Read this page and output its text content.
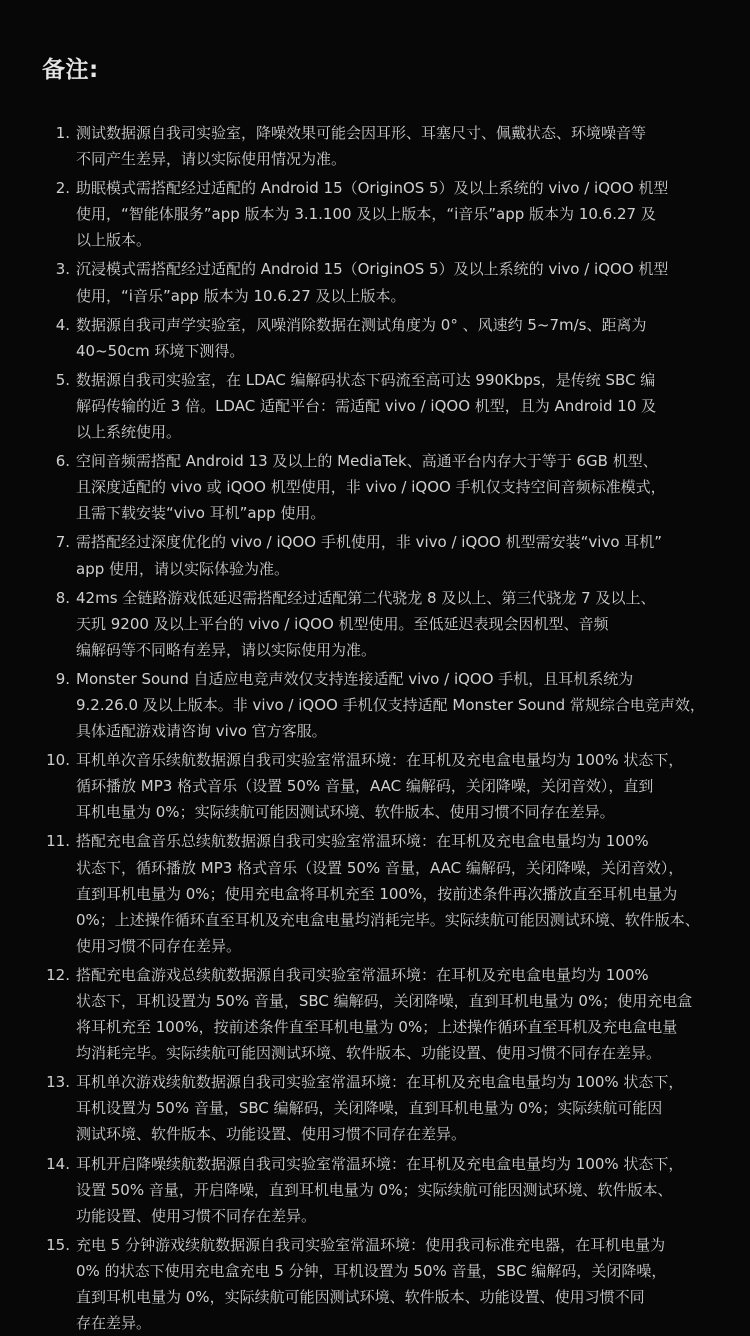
备注:
1. 测试数据源自我司实验室，降噪效果可能会因耳形、耳塞尺寸、佩戴状态、环境噪音等
不同产生差异，请以实际使用情况为准。
2. 助眠模式需搭配经过适配的 Android 15（OriginOS 5）及以上系统的 vivo / iQOO 机型
使用，“智能体服务”app 版本为 3.1.100 及以上版本，“i音乐”app 版本为 10.6.27 及
以上版本。
3. 沉浸模式需搭配经过适配的 Android 15（OriginOS 5）及以上系统的 vivo / iQOO 机型
使用，“i音乐”app 版本为 10.6.27 及以上版本。
4. 数据源自我司声学实验室，风噪消除数据在测试角度为 0° 、风速约 5~7m/s、距离为
40~50cm 环境下测得。
5. 数据源自我司实验室，在 LDAC 编解码状态下码流至高可达 990Kbps，是传统 SBC 编
解码传输的近 3 倍。LDAC 适配平台：需适配 vivo / iQOO 机型，且为 Android 10 及
以上系统使用。
6. 空间音频需搭配 Android 13 及以上的 MediaTek、高通平台内存大于等于 6GB 机型、
且深度适配的 vivo 或 iQOO 机型使用，非 vivo / iQOO 手机仅支持空间音频标准模式，
且需下载安装“vivo 耳机”app 使用。
7. 需搭配经过深度优化的 vivo / iQOO 手机使用，非 vivo / iQOO 机型需安装“vivo 耳机”
app 使用，请以实际体验为准。
8. 42ms 全链路游戏低延迟需搭配经过适配第二代骁龙 8 及以上、第三代骁龙 7 及以上、
天玑 9200 及以上平台的 vivo / iQOO 机型使用。至低延迟表现会因机型、音频
编解码等不同略有差异，请以实际使用为准。
9. Monster Sound 自适应电竞声效仅支持连接适配 vivo / iQOO 手机，且耳机系统为
9.2.26.0 及以上版本。非 vivo / iQOO 手机仅支持适配 Monster Sound 常规综合电竞声效，
具体适配游戏请咨询 vivo 官方客服。
10. 耳机单次音乐续航数据源自我司实验室常温环境：在耳机及充电盒电量均为 100% 状态下，
循环播放 MP3 格式音乐（设置 50% 音量，AAC 编解码，关闭降噪，关闭音效），直到
耳机电量为 0%；实际续航可能因测试环境、软件版本、使用习惯不同存在差异。
11. 搭配充电盒音乐总续航数据源自我司实验室常温环境：在耳机及充电盒电量均为 100%
状态下，循环播放 MP3 格式音乐（设置 50% 音量，AAC 编解码，关闭降噪，关闭音效），
直到耳机电量为 0%；使用充电盒将耳机充至 100%，按前述条件再次播放直至耳机电量为
0%；上述操作循环直至耳机及充电盒电量均消耗完毕。实际续航可能因测试环境、软件版本、
使用习惯不同存在差异。
12. 搭配充电盒游戏总续航数据源自我司实验室常温环境：在耳机及充电盒电量均为 100%
状态下，耳机设置为 50% 音量，SBC 编解码，关闭降噪，直到耳机电量为 0%；使用充电盒
将耳机充至 100%，按前述条件直至耳机电量为 0%；上述操作循环直至耳机及充电盒电量
均消耗完毕。实际续航可能因测试环境、软件版本、功能设置、使用习惯不同存在差异。
13. 耳机单次游戏续航数据源自我司实验室常温环境：在耳机及充电盒电量均为 100% 状态下，
耳机设置为 50% 音量，SBC 编解码，关闭降噪，直到耳机电量为 0%；实际续航可能因
测试环境、软件版本、功能设置、使用习惯不同存在差异。
14. 耳机开启降噪续航数据源自我司实验室常温环境：在耳机及充电盒电量均为 100% 状态下，
设置 50% 音量，开启降噪，直到耳机电量为 0%；实际续航可能因测试环境、软件版本、
功能设置、使用习惯不同存在差异。
15. 充电 5 分钟游戏续航数据源自我司实验室常温环境：使用我司标准充电器，在耳机电量为
0% 的状态下使用充电盒充电 5 分钟，耳机设置为 50% 音量，SBC 编解码，关闭降噪，
直到耳机电量为 0%，实际续航可能因测试环境、软件版本、功能设置、使用习惯不同
存在差异。
